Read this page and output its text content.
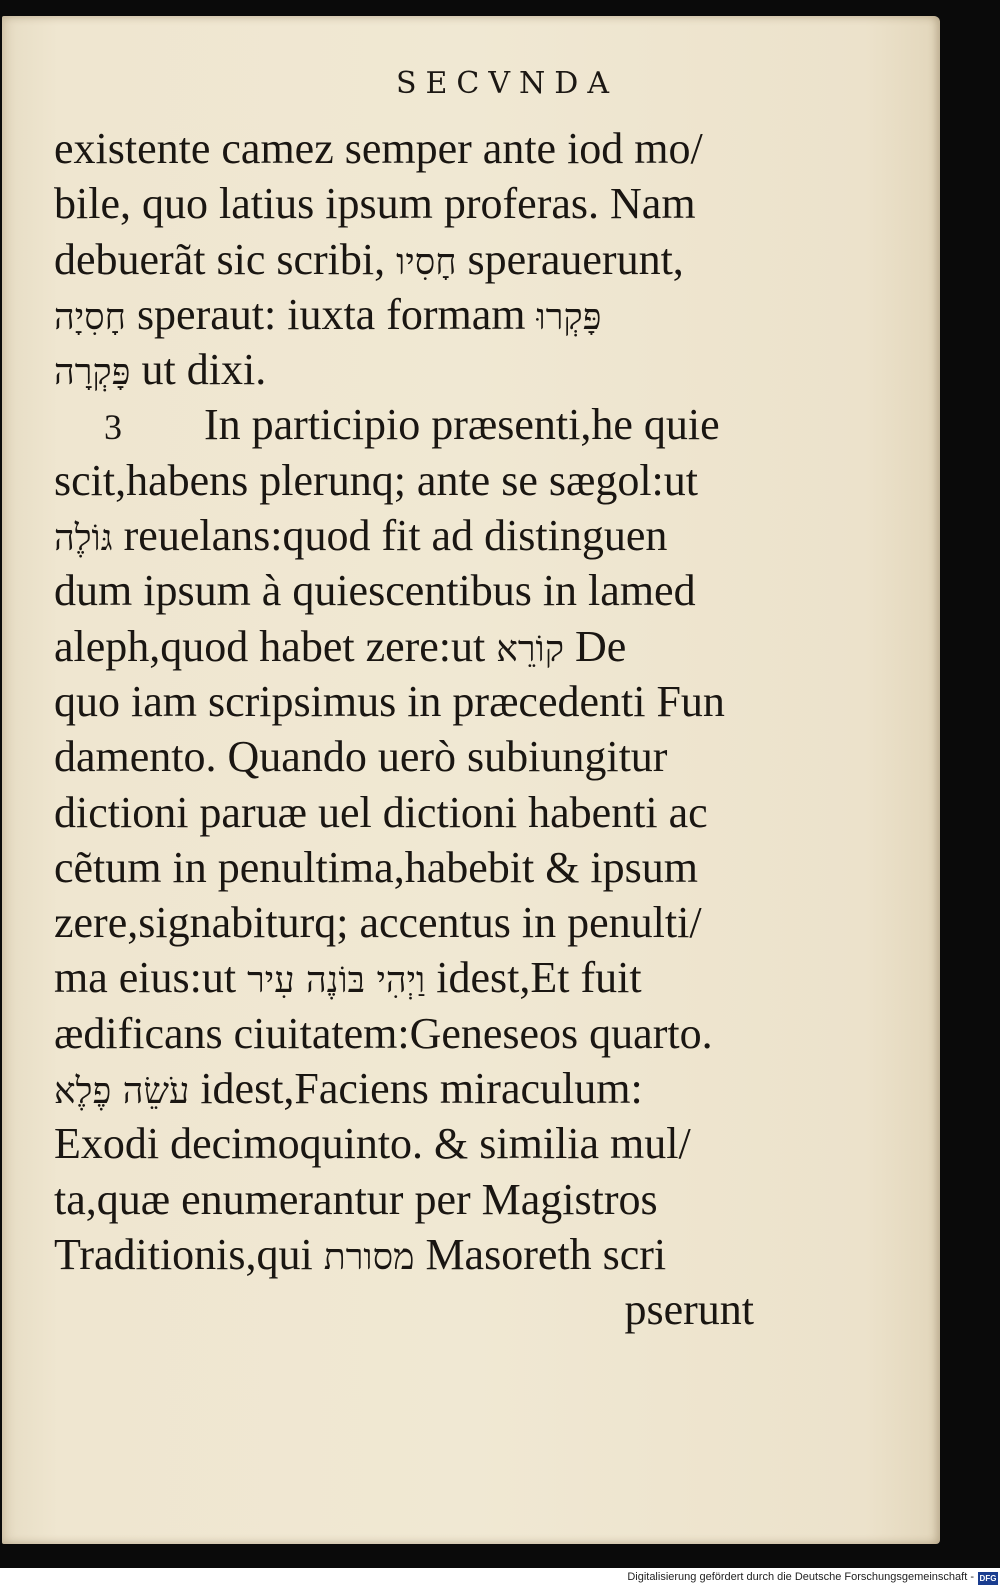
SECVNDA
existente camez semper ante iod mo/
bile, quo latius ipsum proferas. Nam
debuerãt sic scribi, חָסִיו sperauerunt,
חָסִיָה speraut: iuxta formam פָּקְרוּ
פָּקְרָה ut dixi.
3 In participio præsenti,he quie
scit,habens plerunq; ante se sægol:ut
גּוֹלֶה reuelans:quod fit ad distinguen
dum ipsum à quiescentibus in lamed
aleph,quod habet zere:ut קוֹרֵא De
quo iam scripsimus in præcedenti Fun
damento. Quando uerò subiungitur
dictioni paruæ uel dictioni habenti ac
cẽtum in penultima,habebit & ipsum
zere,signabiturq; accentus in penulti/
ma eius:ut וַיְהִי בּוֹנֶה עִיר idest,Et fuit
ædificans ciuitatem:Geneseos quarto.
עֹשֵׂה פֶלֶא idest,Faciens miraculum:
Exodi decimoquinto. & similia mul/
ta,quæ enumerantur per Magistros
Traditionis,qui מסורת Masoreth scri
pserunt
Digitalisierung gefördert durch die Deutsche Forschungsgemeinschaft - DFG
